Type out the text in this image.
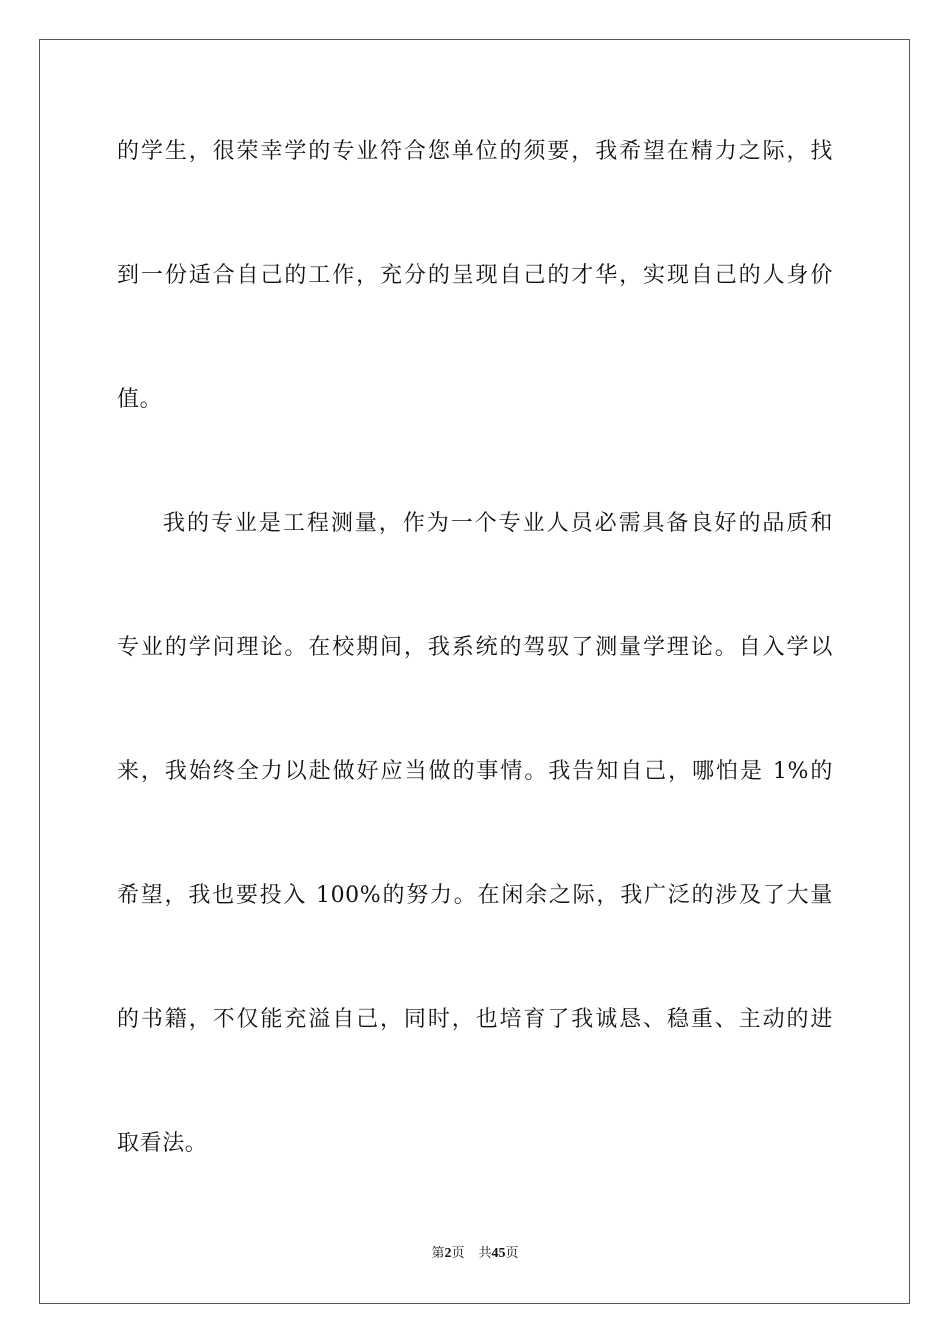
的学生，很荣幸学的专业符合您单位的须要，我希望在精力之际，找
到一份适合自己的工作，充分的呈现自己的才华，实现自己的人身价
值。
我的专业是工程测量，作为一个专业人员必需具备良好的品质和
专业的学问理论。在校期间，我系统的驾驭了测量学理论。自入学以
来，我始终全力以赴做好应当做的事情。我告知自己，哪怕是 1%的
希望，我也要投入 100%的努力。在闲余之际，我广泛的涉及了大量
的书籍，不仅能充溢自己，同时，也培育了我诚恳、稳重、主动的进
取看法。
第2页 共45页
